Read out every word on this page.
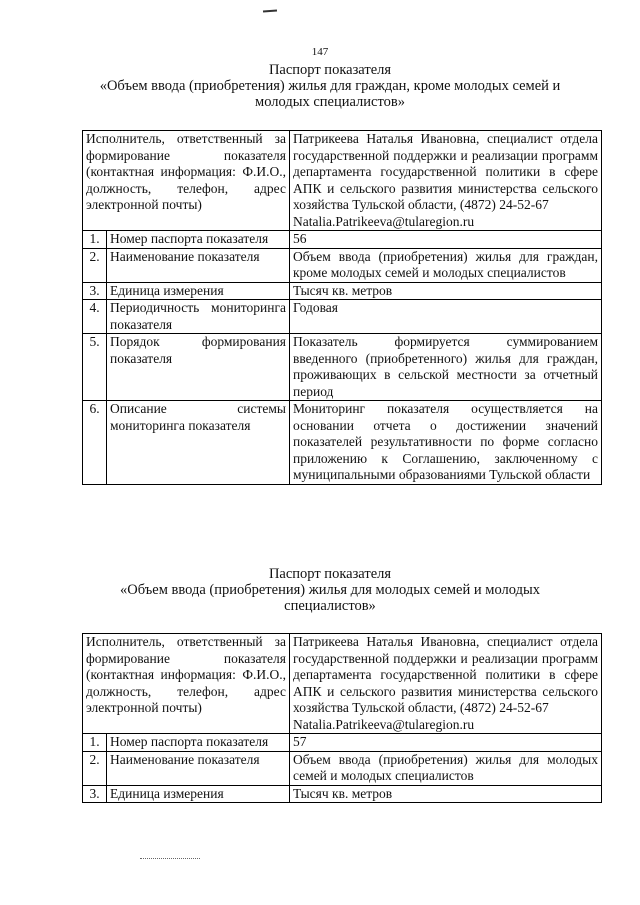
147
Паспорт показателя
«Объем ввода (приобретения) жилья для граждан, кроме молодых семей и
молодых специалистов»
Исполнитель, ответственный за формирование показателя (контактная информация: Ф.И.О., должность, телефон, адрес электронной почты)		Патрикеева Наталья Ивановна, специалист отдела государственной поддержки и реализации программ департамента государственной политики в сфере АПК и сельского развития министерства сельского хозяйства Тульской области, (4872) 24-52-67
Natalia.Patrikeeva@tularegion.ru
1.	Номер паспорта показателя	56
2.	Наименование показателя	Объем ввода (приобретения) жилья для граждан, кроме молодых семей и молодых специалистов
3.	Единица измерения	Тысяч кв. метров
4.	Периодичность мониторинга показателя	Годовая
5.	Порядок формирования показателя	Показатель формируется суммированием введенного (приобретенного) жилья для граждан, проживающих в сельской местности за отчетный период
6.	Описание системы мониторинга показателя	Мониторинг показателя осуществляется на основании отчета о достижении значений показателей результативности по форме согласно приложению к Соглашению, заключенному с муниципальными образованиями Тульской области
Паспорт показателя
«Объем ввода (приобретения) жилья для молодых семей и молодых
специалистов»
Исполнитель, ответственный за формирование показателя (контактная информация: Ф.И.О., должность, телефон, адрес электронной почты)		Патрикеева Наталья Ивановна, специалист отдела государственной поддержки и реализации программ департамента государственной политики в сфере АПК и сельского развития министерства сельского хозяйства Тульской области, (4872) 24-52-67
Natalia.Patrikeeva@tularegion.ru
1.	Номер паспорта показателя	57
2.	Наименование показателя	Объем ввода (приобретения) жилья для молодых семей и молодых специалистов
3.	Единица измерения	Тысяч кв. метров
